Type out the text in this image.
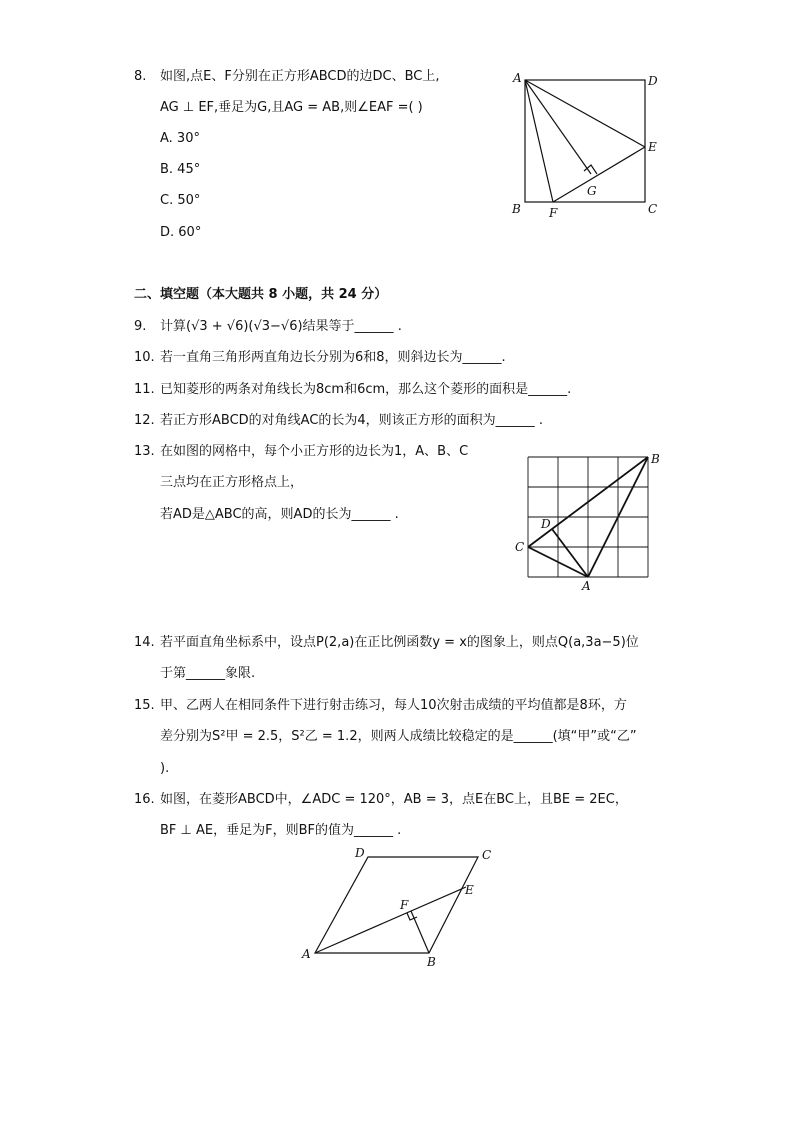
8. 如图,点E、F分别在正方形ABCD的边DC、BC上,
AG ⊥ EF,垂足为G,且AG = AB,则∠EAF =( )
A. 30°
B. 45°
C. 50°
D. 60°
A	D
E
G
B F	C
二、填空题（本大题共 8 小题，共 24 分）
9. 计算(√3 + √6)(√3−√6)结果等于______ .
10. 若一直角三角形两直角边长分别为6和8，则斜边长为______.
11. 已知菱形的两条对角线长为8cm和6cm，那么这个菱形的面积是______.
12. 若正方形ABCD的对角线AC的长为4，则该正方形的面积为______ .
13. 在如图的网格中，每个小正方形的边长为1，A、B、C
三点均在正方形格点上，
若AD是△ABC的高，则AD的长为______ .
B
D
C
A
14. 若平面直角坐标系中，设点P(2,a)在正比例函数y = x的图象上，则点Q(a,3a−5)位
于第______象限.
15. 甲、乙两人在相同条件下进行射击练习，每人10次射击成绩的平均值都是8环，方
差分别为S²甲 = 2.5，S²乙 = 1.2，则两人成绩比较稳定的是______(填“甲”或“乙”
).
16. 如图，在菱形ABCD中，∠ADC = 120°，AB = 3，点E在BC上，且BE = 2EC，
BF ⊥ AE，垂足为F，则BF的值为______ .
D	C
E
F
A
B
